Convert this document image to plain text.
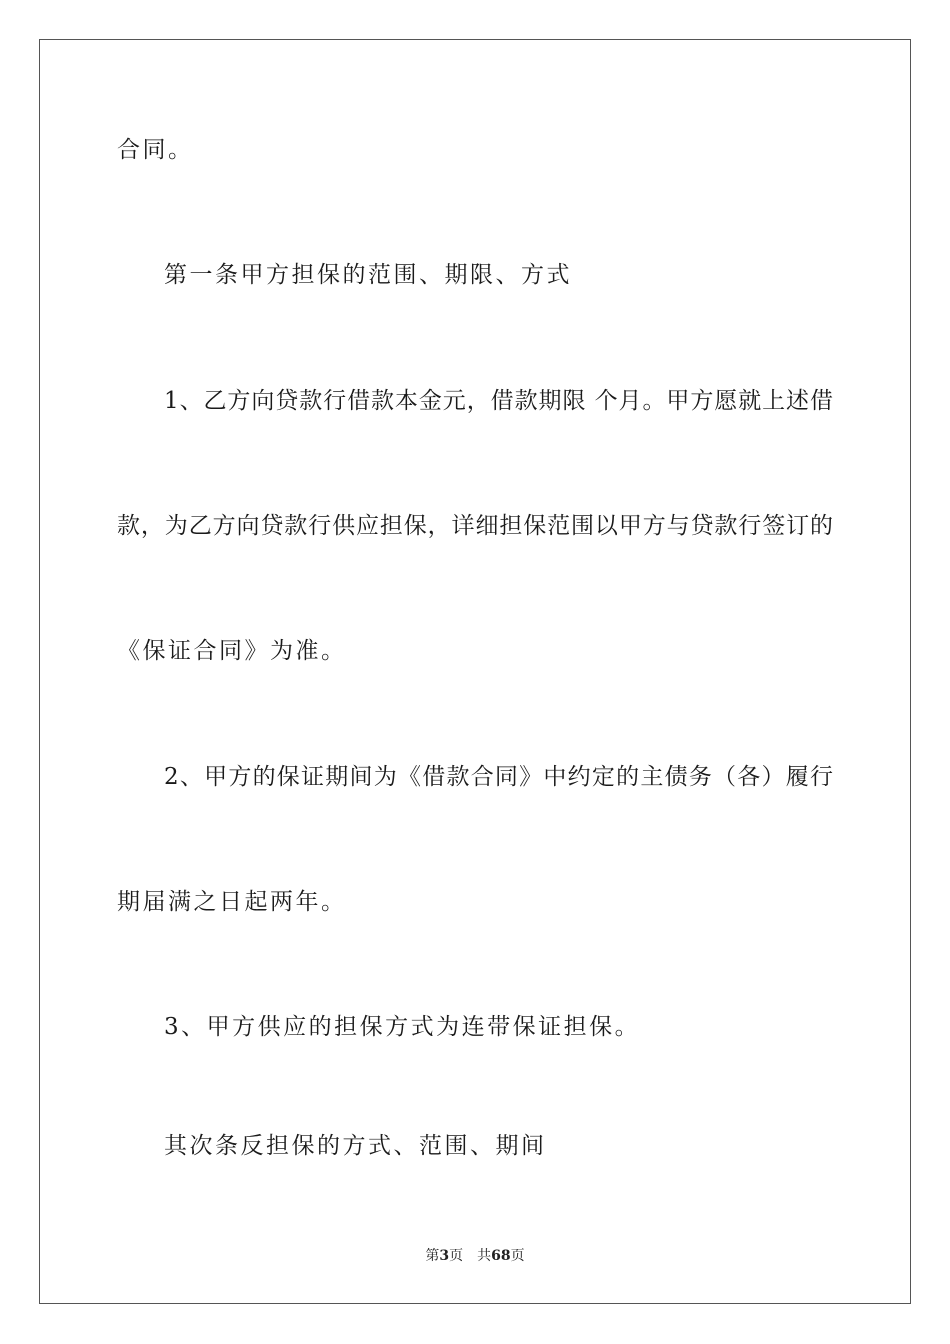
合同。
第一条甲方担保的范围、期限、方式
1、乙方向贷款行借款本金元，借款期限 个月。甲方愿就上述借
款，为乙方向贷款行供应担保，详细担保范围以甲方与贷款行签订的
《保证合同》为准。
2、甲方的保证期间为《借款合同》中约定的主债务（各）履行
期届满之日起两年。
3、甲方供应的担保方式为连带保证担保。
其次条反担保的方式、范围、期间
第3页 共68页
